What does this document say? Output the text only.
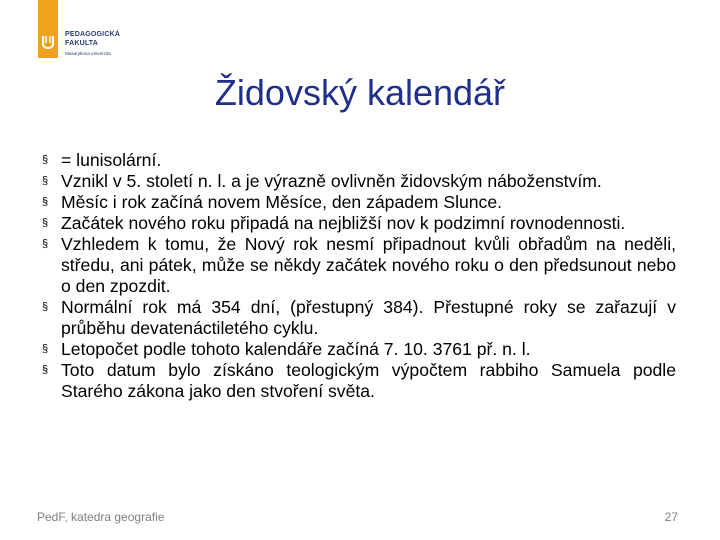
PEDAGOGICKÁ
FAKULTA
Masarykova univerzita
Židovský kalendář
§ = lunisolární.
§ Vznikl v 5. století n. l. a je výrazně ovlivněn židovským náboženstvím.
§ Měsíc i rok začíná novem Měsíce, den západem Slunce.
§ Začátek nového roku připadá na nejbližší nov k podzimní rovnodennosti.
§ Vzhledem k tomu, že Nový rok nesmí připadnout kvůli obřadům na neděli, středu, ani pátek, může se někdy začátek nového roku o den předsunout nebo o den zpozdit.
§ Normální rok má 354 dní, (přestupný 384). Přestupné roky se zařazují v průběhu devatenáctiletého cyklu.
§ Letopočet podle tohoto kalendáře začíná 7. 10. 3761 př. n. l.
§ Toto datum bylo získáno teologickým výpočtem rabbiho Samuela podle Starého zákona jako den stvoření světa.
PedF, katedra geografie	27
